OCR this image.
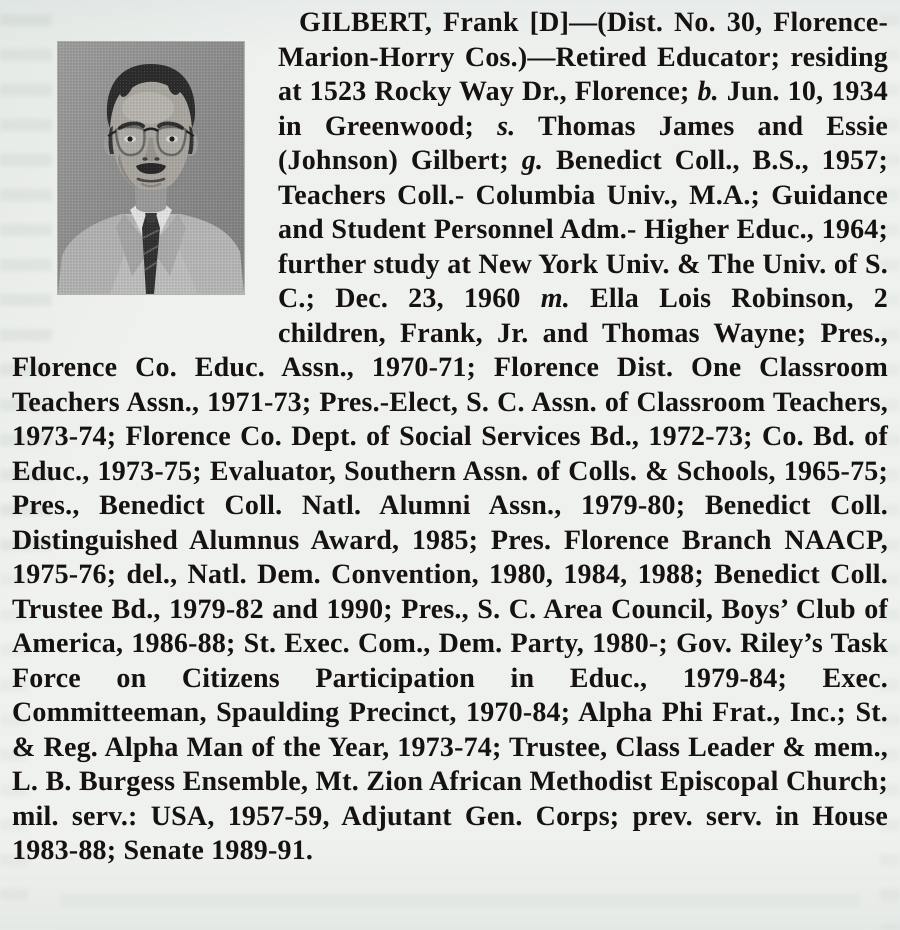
GILBERT, Frank [D]—(Dist. No. 30, Florence-Marion-Horry Cos.)—Retired Educator; residing at 1523 Rocky Way Dr., Florence; b. Jun. 10, 1934 in Greenwood; s. Thomas James and Essie (Johnson) Gilbert; g. Benedict Coll., B.S., 1957; Teachers Coll.- Columbia Univ., M.A.; Guidance and Student Personnel Adm.- Higher Educ., 1964; further study at New York Univ. & The Univ. of S. C.; Dec. 23, 1960 m. Ella Lois Robinson, 2 children, Frank, Jr. and Thomas Wayne; Pres., Florence Co. Educ. Assn., 1970-71; Florence Dist. One Classroom Teachers Assn., 1971-73; Pres.-Elect, S. C. Assn. of Classroom Teachers, 1973-74; Florence Co. Dept. of Social Services Bd., 1972-73; Co. Bd. of Educ., 1973-75; Evaluator, Southern Assn. of Colls. & Schools, 1965-75; Pres., Benedict Coll. Natl. Alumni Assn., 1979-80; Benedict Coll. Distinguished Alumnus Award, 1985; Pres. Florence Branch NAACP, 1975-76; del., Natl. Dem. Convention, 1980, 1984, 1988; Benedict Coll. Trustee Bd., 1979-82 and 1990; Pres., S. C. Area Council, Boys’ Club of America, 1986-88; St. Exec. Com., Dem. Party, 1980-; Gov. Riley’s Task Force on Citizens Participation in Educ., 1979-84; Exec. Committeeman, Spaulding Precinct, 1970-84; Alpha Phi Frat., Inc.; St. & Reg. Alpha Man of the Year, 1973-74; Trustee, Class Leader & mem., L. B. Burgess Ensemble, Mt. Zion African Methodist Episcopal Church; mil. serv.: USA, 1957-59, Adjutant Gen. Corps; prev. serv. in House 1983-88; Senate 1989-91.
